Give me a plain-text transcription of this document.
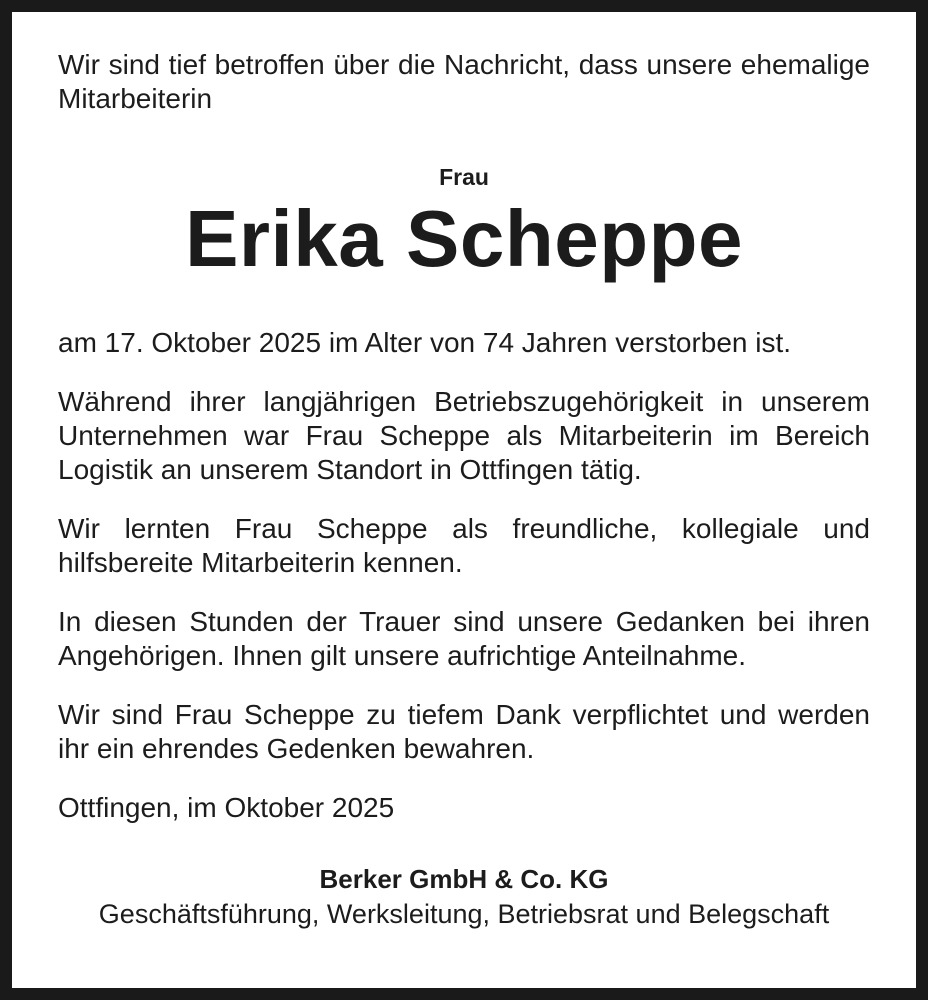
Wir sind tief betroffen über die Nachricht, dass unsere ehemalige Mitarbeiterin

Frau

Erika Scheppe

am 17. Oktober 2025 im Alter von 74 Jahren verstorben ist.

Während ihrer langjährigen Betriebszugehörigkeit in unserem Unternehmen war Frau Scheppe als Mitarbeiterin im Bereich Logistik an unserem Standort in Ottfingen tätig.

Wir lernten Frau Scheppe als freundliche, kollegiale und hilfsbereite Mitarbeiterin kennen.

In diesen Stunden der Trauer sind unsere Gedanken bei ihren Angehörigen. Ihnen gilt unsere aufrichtige Anteilnahme.

Wir sind Frau Scheppe zu tiefem Dank verpflichtet und werden ihr ein ehrendes Gedenken bewahren.

Ottfingen, im Oktober 2025

Berker GmbH & Co. KG

Geschäftsführung, Werksleitung, Betriebsrat und Belegschaft
